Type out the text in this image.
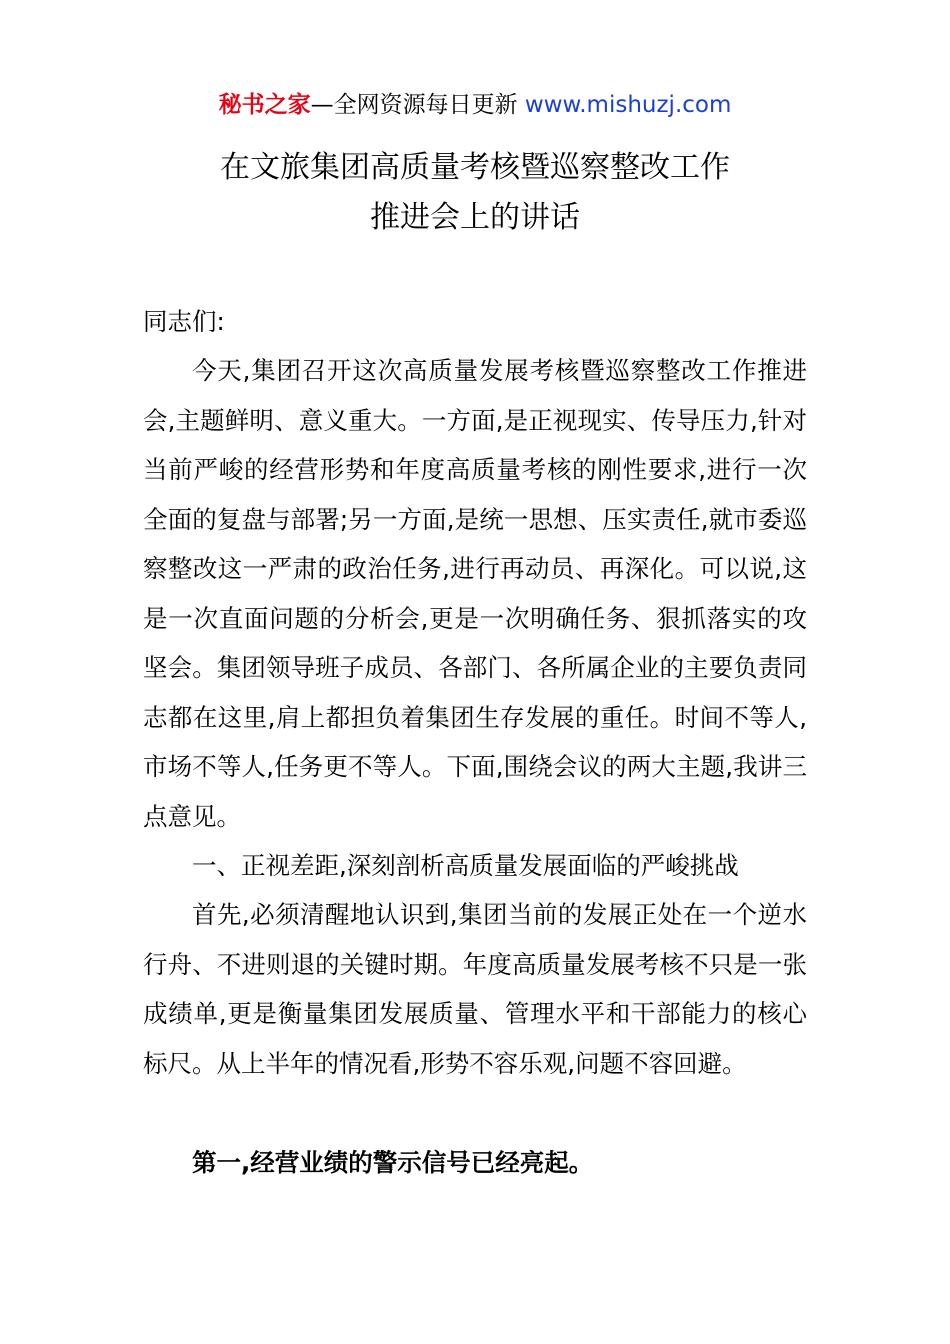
秘书之家—全网资源每日更新 www.mishuzj.com
在文旅集团高质量考核暨巡察整改工作
推进会上的讲话
同志们:

今天,集团召开这次高质量发展考核暨巡察整改工作推进会,主题鲜明、意义重大。一方面,是正视现实、传导压力,针对当前严峻的经营形势和年度高质量考核的刚性要求,进行一次全面的复盘与部署;另一方面,是统一思想、压实责任,就市委巡察整改这一严肃的政治任务,进行再动员、再深化。可以说,这是一次直面问题的分析会,更是一次明确任务、狠抓落实的攻坚会。集团领导班子成员、各部门、各所属企业的主要负责同志都在这里,肩上都担负着集团生存发展的重任。时间不等人,市场不等人,任务更不等人。下面,围绕会议的两大主题,我讲三点意见。

一、正视差距,深刻剖析高质量发展面临的严峻挑战

首先,必须清醒地认识到,集团当前的发展正处在一个逆水行舟、不进则退的关键时期。年度高质量发展考核不只是一张成绩单,更是衡量集团发展质量、管理水平和干部能力的核心标尺。从上半年的情况看,形势不容乐观,问题不容回避。

第一,经营业绩的警示信号已经亮起。
